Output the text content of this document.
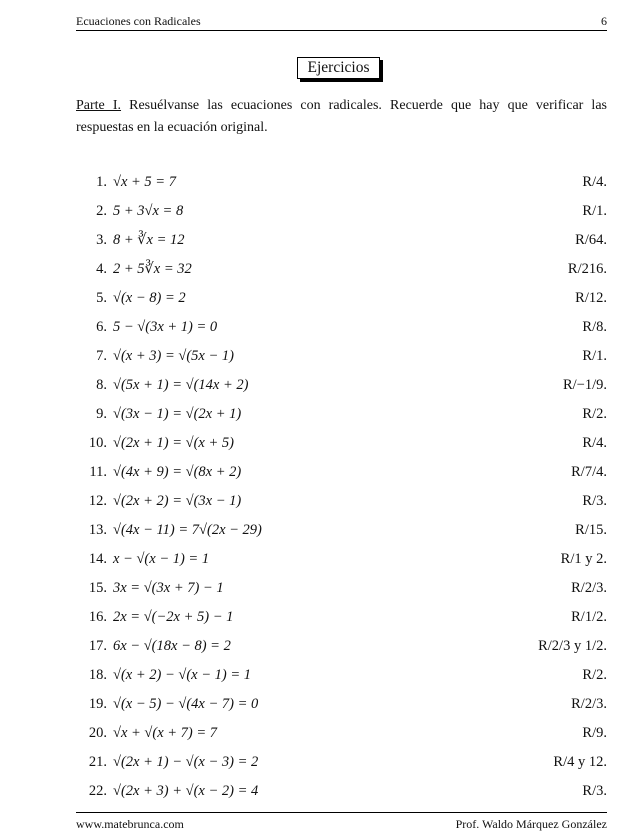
Ecuaciones con Radicales	6
Ejercicios
Parte I. Resuélvanse las ecuaciones con radicales. Recuerde que hay que verificar las respuestas en la ecuación original.
1. √x + 5 = 7	R/4.
2. 5 + 3√x = 8	R/1.
3. 8 + ∛x = 12	R/64.
4. 2 + 5∛x = 32	R/216.
5. √(x − 8) = 2	R/12.
6. 5 − √(3x + 1) = 0	R/8.
7. √(x + 3) = √(5x − 1)	R/1.
8. √(5x + 1) = √(14x + 2)	R/−1/9.
9. √(3x − 1) = √(2x + 1)	R/2.
10. √(2x + 1) = √(x + 5)	R/4.
11. √(4x + 9) = √(8x + 2)	R/7/4.
12. √(2x + 2) = √(3x − 1)	R/3.
13. √(4x − 11) = 7√(2x − 29)	R/15.
14. x − √(x − 1) = 1	R/1 y 2.
15. 3x = √(3x + 7) − 1	R/2/3.
16. 2x = √(−2x + 5) − 1	R/1/2.
17. 6x − √(18x − 8) = 2	R/2/3 y 1/2.
18. √(x + 2) − √(x − 1) = 1	R/2.
19. √(x − 5) − √(4x − 7) = 0	R/2/3.
20. √x + √(x + 7) = 7	R/9.
21. √(2x + 1) − √(x − 3) = 2	R/4 y 12.
22. √(2x + 3) + √(x − 2) = 4	R/3.
www.matebrunca.com	Prof. Waldo Márquez González
